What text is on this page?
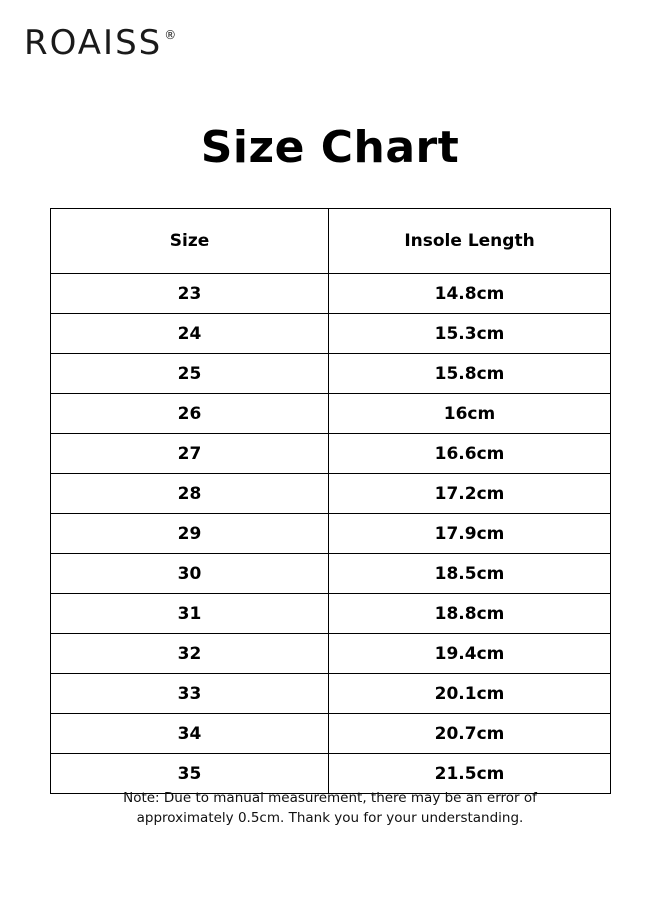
ROAISS ®
Size Chart
Size	Insole Length
23	14.8cm
24	15.3cm
25	15.8cm
26	16cm
27	16.6cm
28	17.2cm
29	17.9cm
30	18.5cm
31	18.8cm
32	19.4cm
33	20.1cm
34	20.7cm
35	21.5cm
Note: Due to manual measurement, there may be an error of
approximately 0.5cm. Thank you for your understanding.
